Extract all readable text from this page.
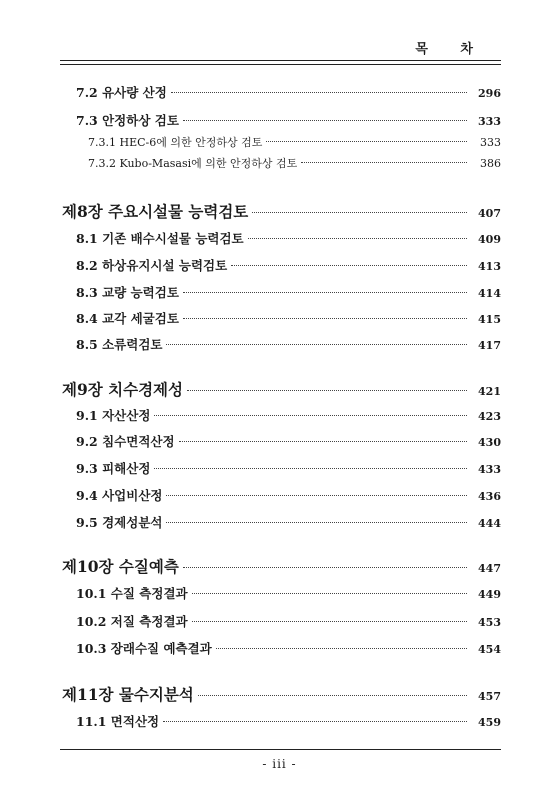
목 차
7.2 유사량 산정	296
7.3 안정하상 검토	333
7.3.1 HEC-6에 의한 안정하상 검토	333
7.3.2 Kubo-Masasi에 의한 안정하상 검토	386
제8장 주요시설물 능력검토	407
8.1 기존 배수시설물 능력검토	409
8.2 하상유지시설 능력검토	413
8.3 교량 능력검토	414
8.4 교각 세굴검토	415
8.5 소류력검토	417
제9장 치수경제성	421
9.1 자산산정	423
9.2 침수면적산정	430
9.3 피해산정	433
9.4 사업비산정	436
9.5 경제성분석	444
제10장 수질예측	447
10.1 수질 측정결과	449
10.2 저질 측정결과	453
10.3 장래수질 예측결과	454
제11장 물수지분석	457
11.1 면적산정	459
- iii -
